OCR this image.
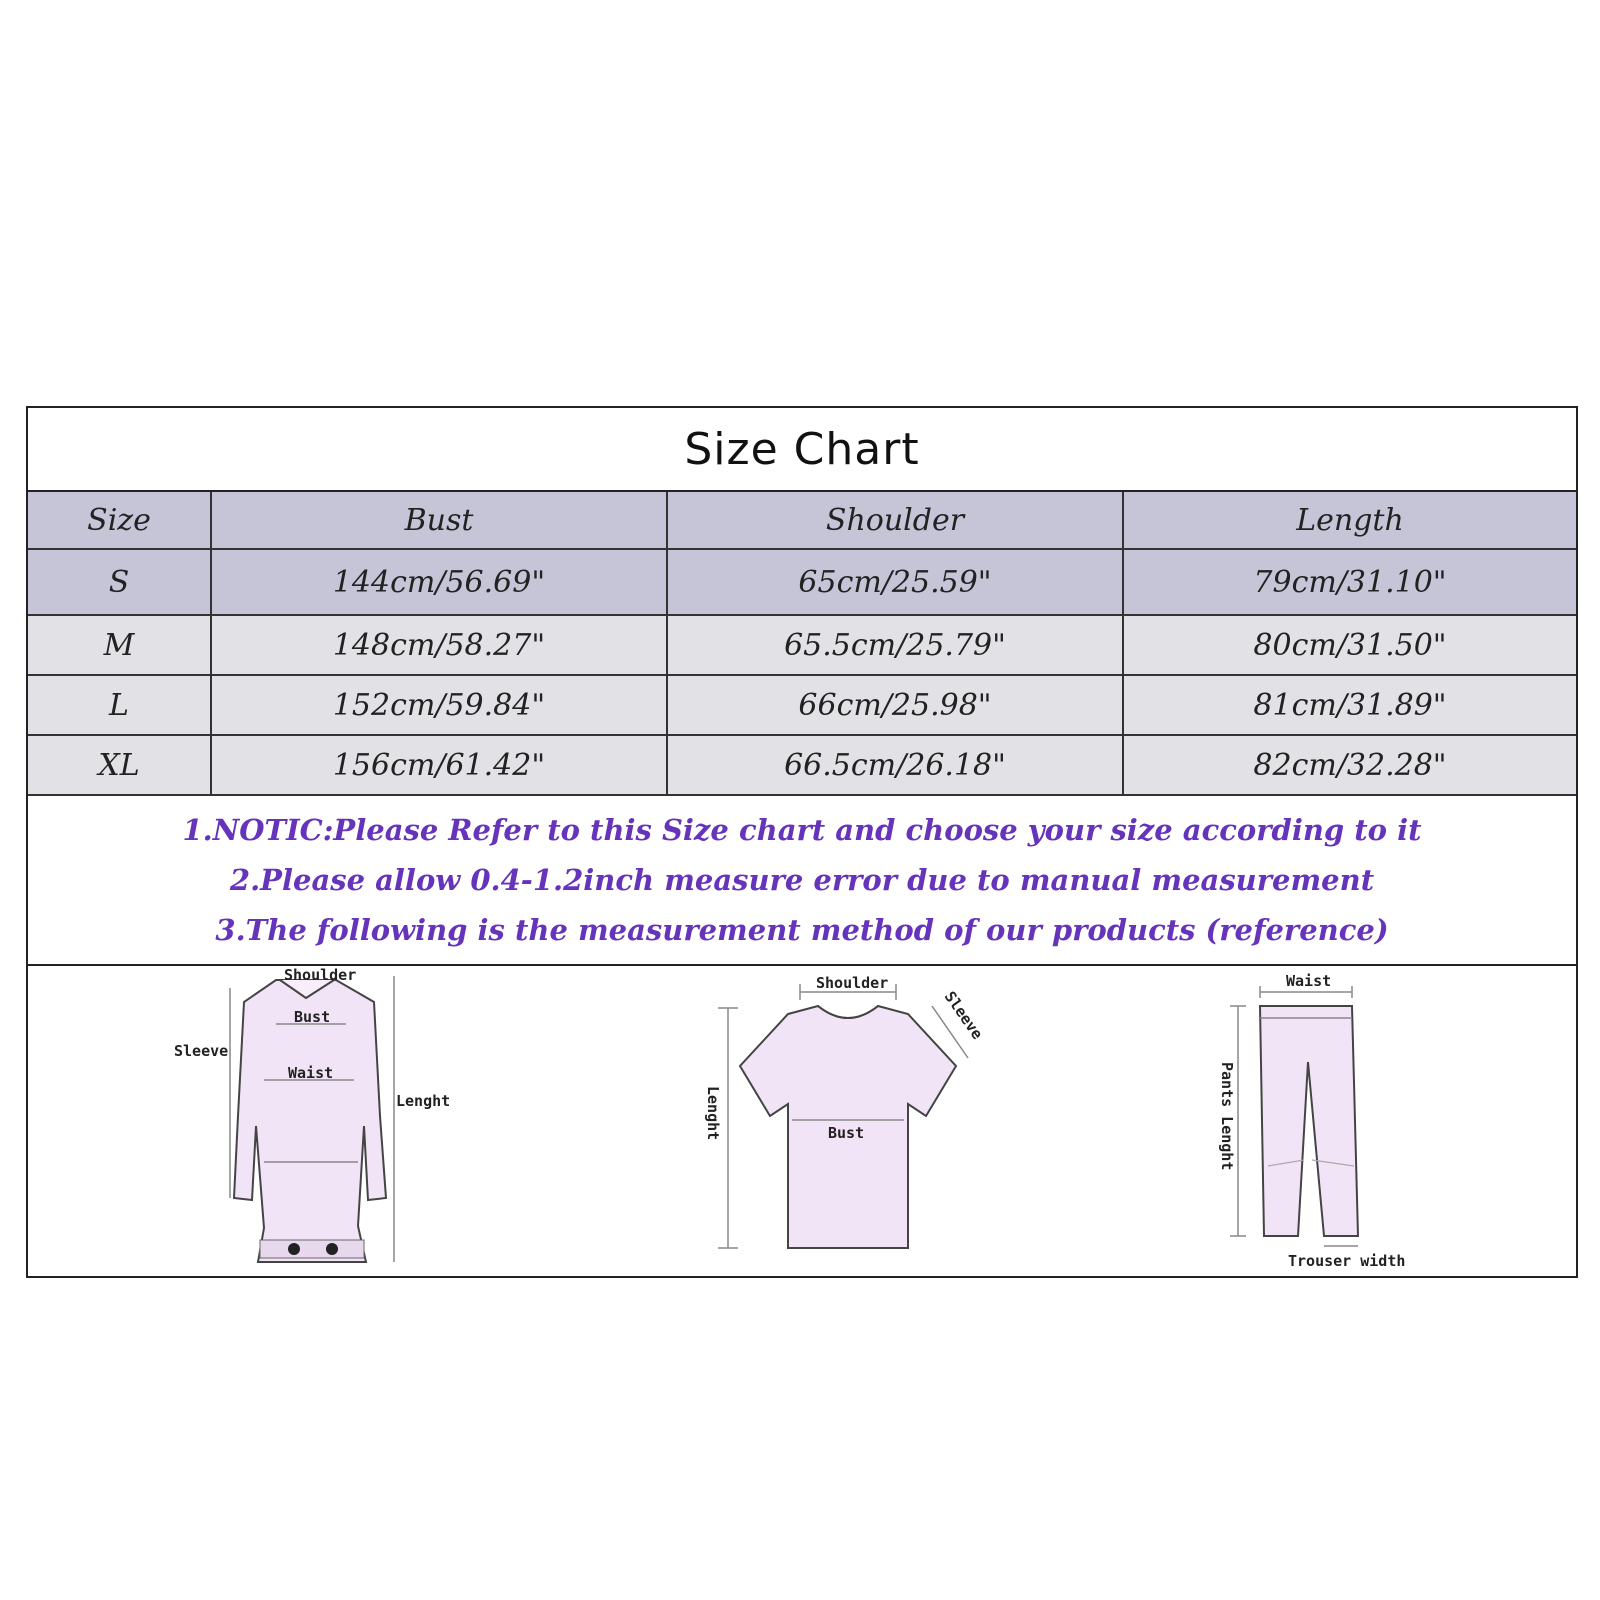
Size Chart
Size	Bust	Shoulder	Length
S	144cm/56.69"	65cm/25.59"	79cm/31.10"
M	148cm/58.27"	65.5cm/25.79"	80cm/31.50"
L	152cm/59.84"	66cm/25.98"	81cm/31.89"
XL	156cm/61.42"	66.5cm/26.18"	82cm/32.28"
1.NOTIC:Please Refer to this Size chart and choose your size according to it
2.Please allow 0.4-1.2inch measure error due to manual measurement
3.The following is the measurement method of our products (reference)
Shoulder
Bust
Waist
Sleeve
Lenght
Shoulder
Bust
Sleeve
Lenght
Waist
Pants Lenght
Trouser width
